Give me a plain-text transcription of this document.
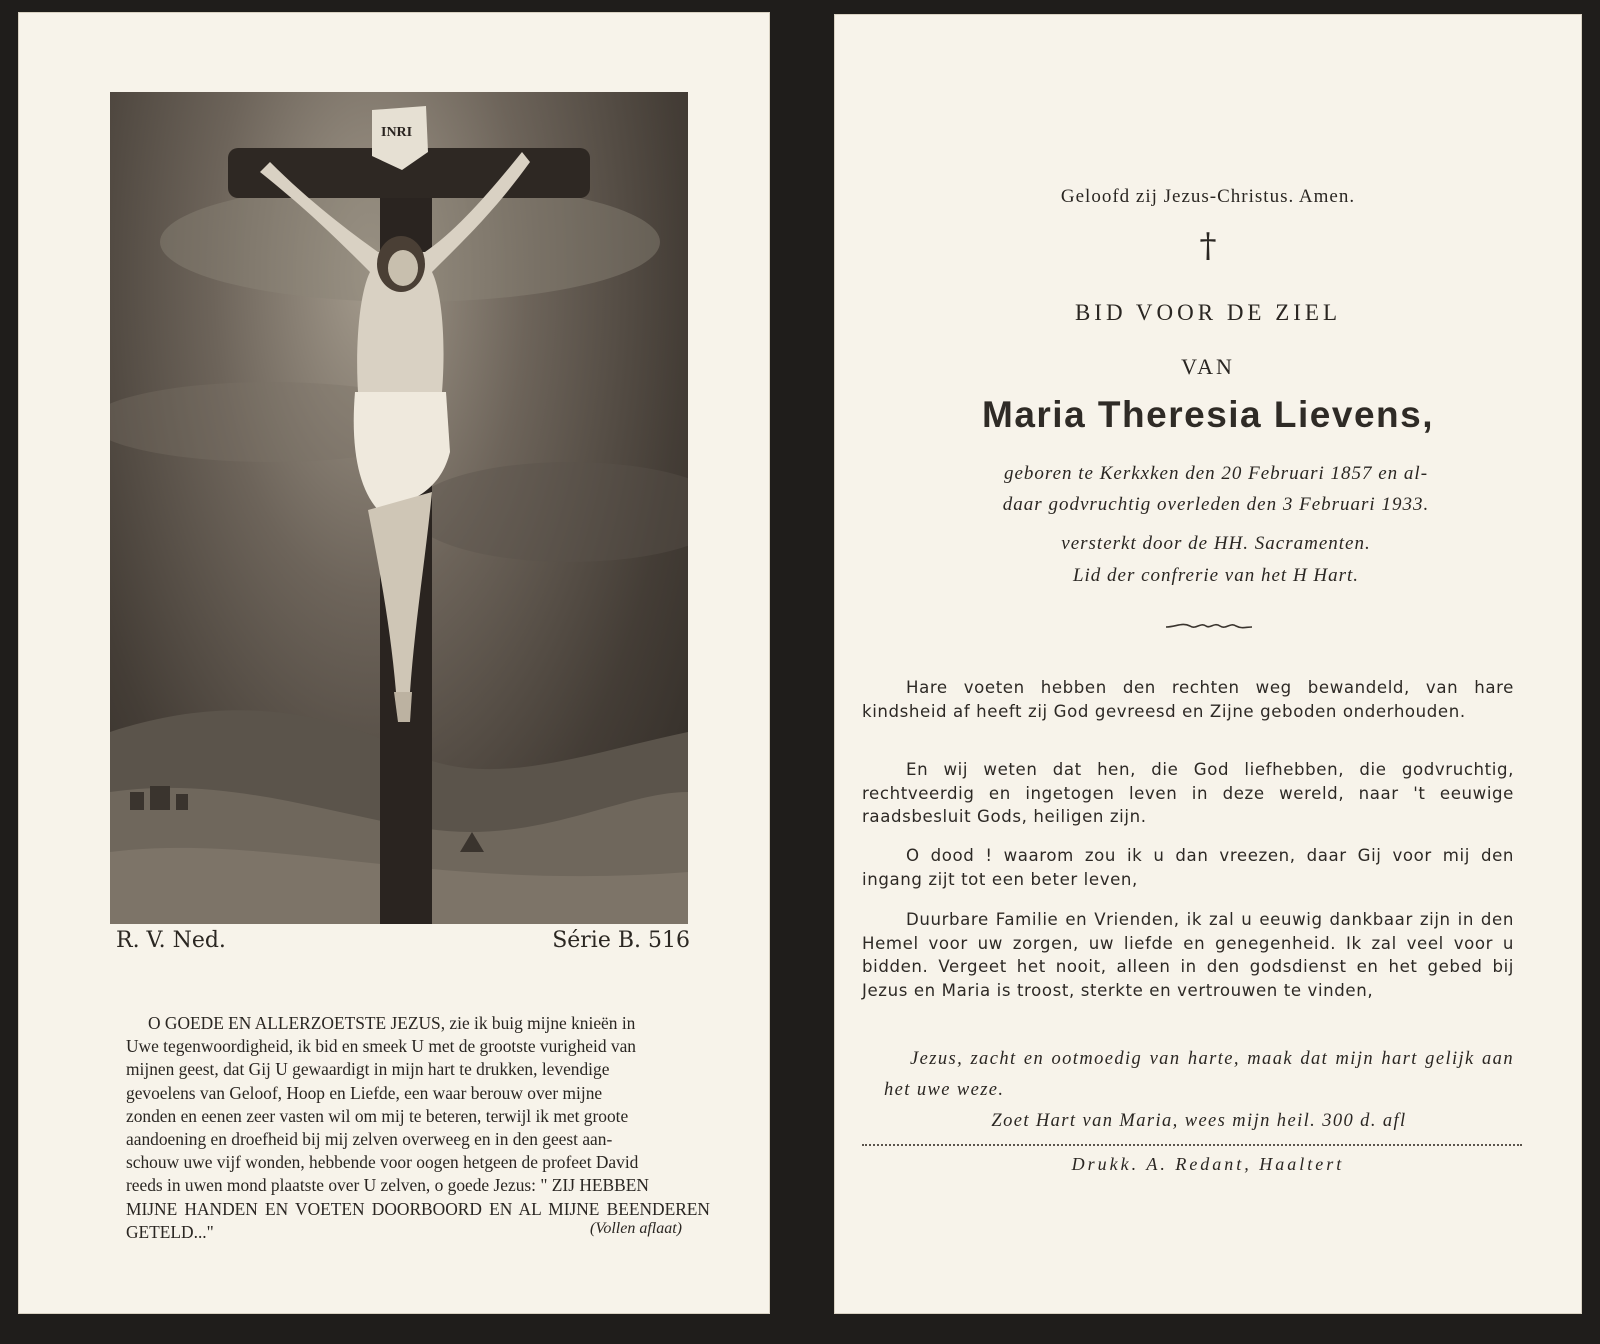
INRI
R. V. Ned.	Série B. 516

O GOEDE EN ALLERZOETSTE JEZUS, zie ik buig mijne knieën in

Uwe tegenwoordigheid, ik bid en smeek U met de grootste vurigheid van

mijnen geest, dat Gij U gewaardigt in mijn hart te drukken, levendige

gevoelens van Geloof, Hoop en Liefde, een waar berouw over mijne

zonden en eenen zeer vasten wil om mij te beteren, terwijl ik met groote

aandoening en droefheid bij mij zelven overweeg en in den geest aan-

schouw uwe vijf wonden, hebbende voor oogen hetgeen de profeet David

reeds in uwen mond plaatste over U zelven, o goede Jezus: " ZIJ HEBBEN

MIJNE HANDEN EN VOETEN DOORBOORD EN AL MIJNE BEENDEREN GETELD..."	(Vollen aflaat)
Geloofd zij Jezus-Christus. Amen.
†
BID VOOR DE ZIEL
VAN
Maria Theresia Lievens,
geboren te Kerkxken den 20 Februari 1857 en al-
daar godvruchtig overleden den 3 Februari 1933.
versterkt door de HH. Sacramenten.
Lid der confrerie van het H Hart.

Hare voeten hebben den rechten weg bewandeld, van hare kindsheid af heeft zij God gevreesd en Zijne geboden onderhouden.

En wij weten dat hen, die God liefhebben, die godvruchtig, rechtveerdig en ingetogen leven in deze wereld, naar 't eeuwige raadsbesluit Gods, heiligen zijn.

O dood ! waarom zou ik u dan vreezen, daar Gij voor mij den ingang zijt tot een beter leven,

Duurbare Familie en Vrienden, ik zal u eeuwig dankbaar zijn in den Hemel voor uw zorgen, uw liefde en genegenheid. Ik zal veel voor u bidden. Vergeet het nooit, alleen in den godsdienst en het gebed bij Jezus en Maria is troost, sterkte en vertrouwen te vinden,

Jezus, zacht en ootmoedig van harte, maak dat mijn hart gelijk aan het uwe weze.

Zoet Hart van Maria, wees mijn heil. 300 d. afl
Drukk. A. Redant, Haaltert
